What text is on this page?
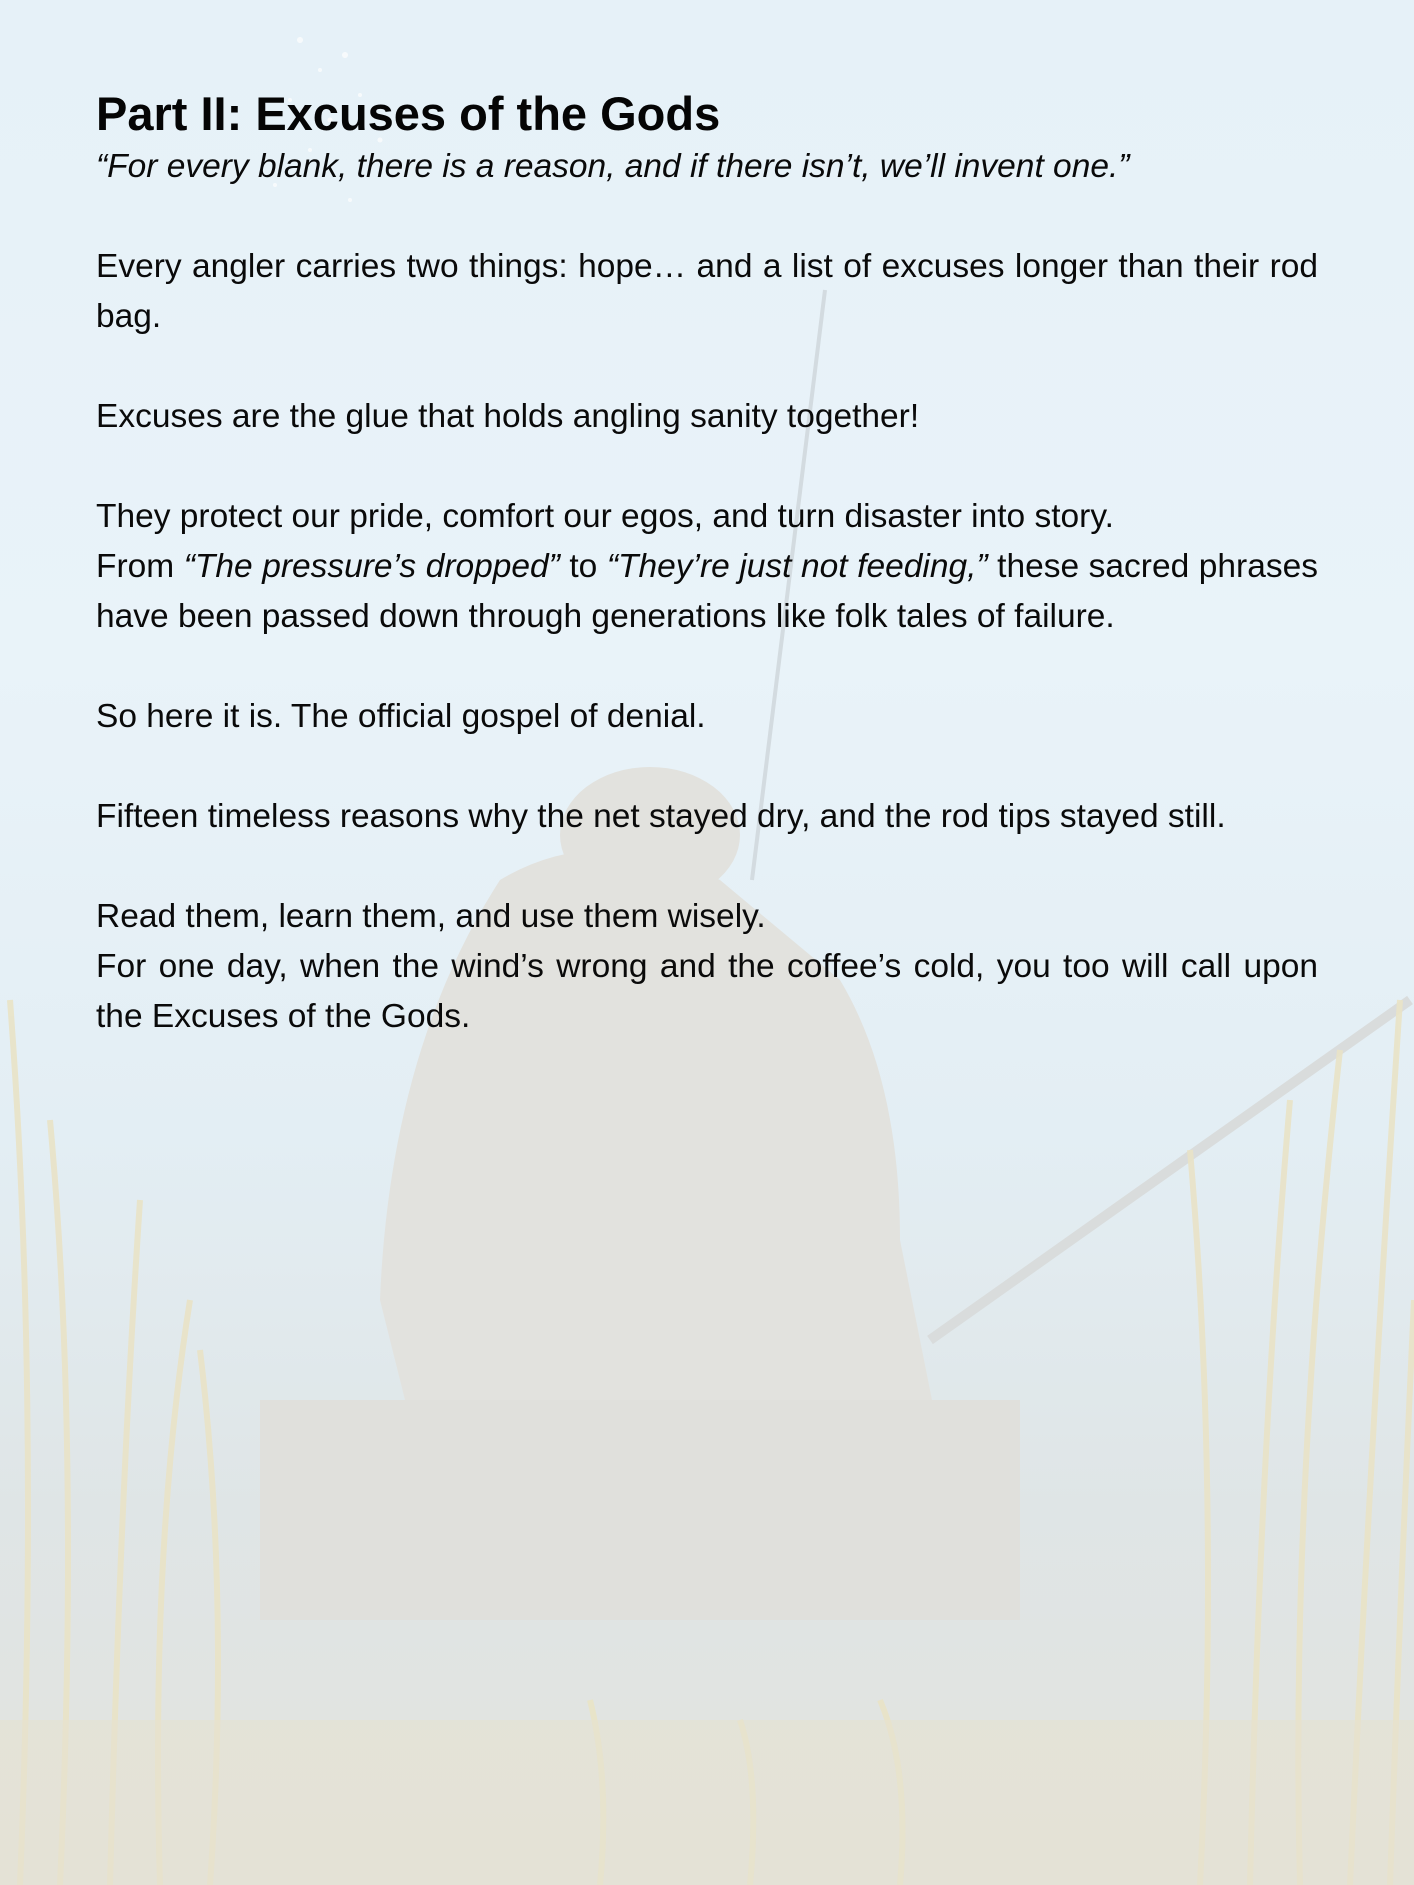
Part II: Excuses of the Gods

“For every blank, there is a reason, and if there isn’t, we’ll invent one.”

Every angler carries two things: hope… and a list of excuses longer than their rod bag.

Excuses are the glue that holds angling sanity together!

They protect our pride, comfort our egos, and turn disaster into story.

From “The pressure’s dropped” to “They’re just not feeding,” these sacred phrases have been passed down through generations like folk tales of failure.

So here it is. The official gospel of denial.

Fifteen timeless reasons why the net stayed dry, and the rod tips stayed still.

Read them, learn them, and use them wisely.

For one day, when the wind’s wrong and the coffee’s cold, you too will call upon the Excuses of the Gods.
